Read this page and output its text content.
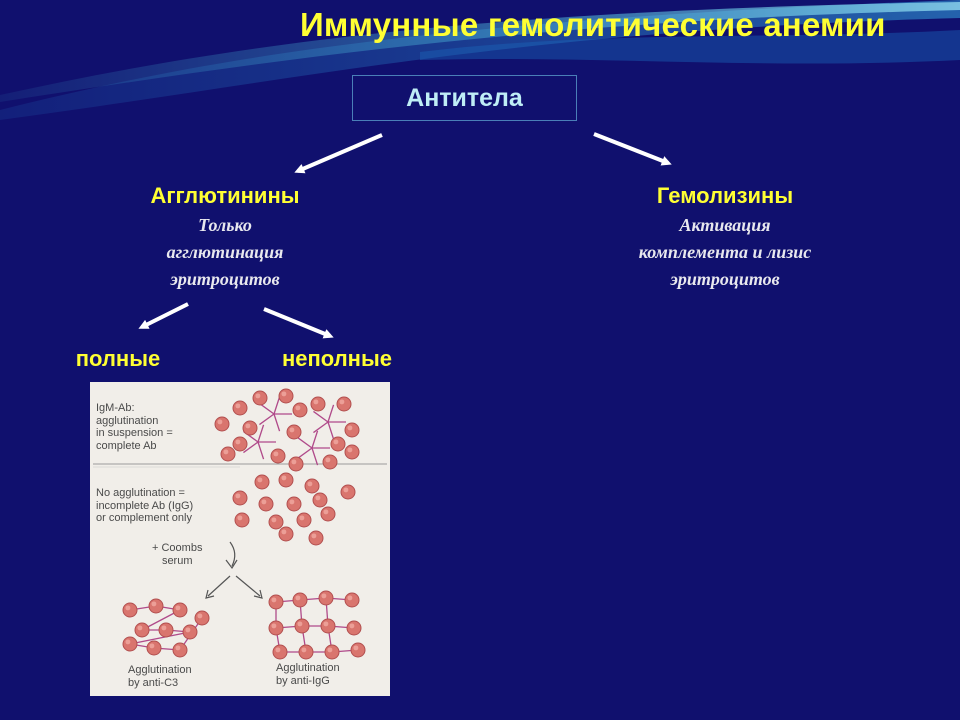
Иммунные гемолитические анемии
Антитела
Агглютинины
Только
агглютинация
эритроцитов
Гемолизины
Активация
комплемента и лизис
эритроцитов
полные	неполные
IgM-Ab:
agglutination
in suspension =
complete Ab
No agglutination =
incomplete Ab (IgG)
or complement only
+ Coombs
serum
Agglutination
by anti-C3
Agglutination
by anti-IgG
